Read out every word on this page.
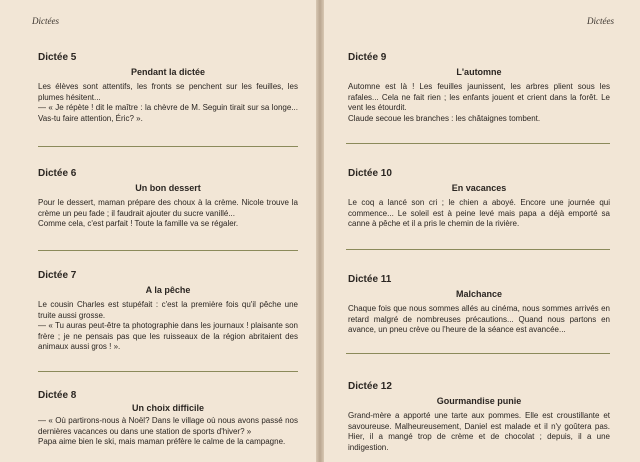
Dictées

Dictée 5

Pendant la dictée

Les élèves sont attentifs, les fronts se penchent sur les feuilles, les plumes hésitent...
— « Je répète ! dit le maître : la chèvre de M. Seguin tirait sur sa longe... Vas-tu faire attention, Éric? ».

Dictée 6

Un bon dessert

Pour le dessert, maman prépare des choux à la crème. Nicole trouve la crème un peu fade ; il faudrait ajouter du sucre vanillé...
Comme cela, c'est parfait ! Toute la famille va se régaler.

Dictée 7

A la pêche

Le cousin Charles est stupéfait : c'est la première fois qu'il pêche une truite aussi grosse.
— « Tu auras peut-être ta photographie dans les journaux ! plaisante son frère ; je ne pensais pas que les ruisseaux de la région abritaient des animaux aussi gros ! ».

Dictée 8

Un choix difficile

— « Où partirons-nous à Noël? Dans le village où nous avons passé nos dernières vacances ou dans une station de sports d'hiver? »
Papa aime bien le ski, mais maman préfère le calme de la campagne.
Dictées

Dictée 9

L'automne

Automne est là ! Les feuilles jaunissent, les arbres plient sous les rafales... Cela ne fait rien ; les enfants jouent et crient dans la forêt. Le vent les étourdit.
Claude secoue les branches : les châtaignes tombent.

Dictée 10

En vacances

Le coq a lancé son cri ; le chien a aboyé. Encore une journée qui commence... Le soleil est à peine levé mais papa a déjà emporté sa canne à pêche et il a pris le chemin de la rivière.

Dictée 11

Malchance

Chaque fois que nous sommes allés au cinéma, nous sommes arrivés en retard malgré de nombreuses précautions... Quand nous partons en avance, un pneu crève ou l'heure de la séance est avancée...

Dictée 12

Gourmandise punie

Grand-mère a apporté une tarte aux pommes. Elle est croustillante et savoureuse. Malheureusement, Daniel est malade et il n'y goûtera pas. Hier, il a mangé trop de crème et de chocolat ; depuis, il a une indigestion.
